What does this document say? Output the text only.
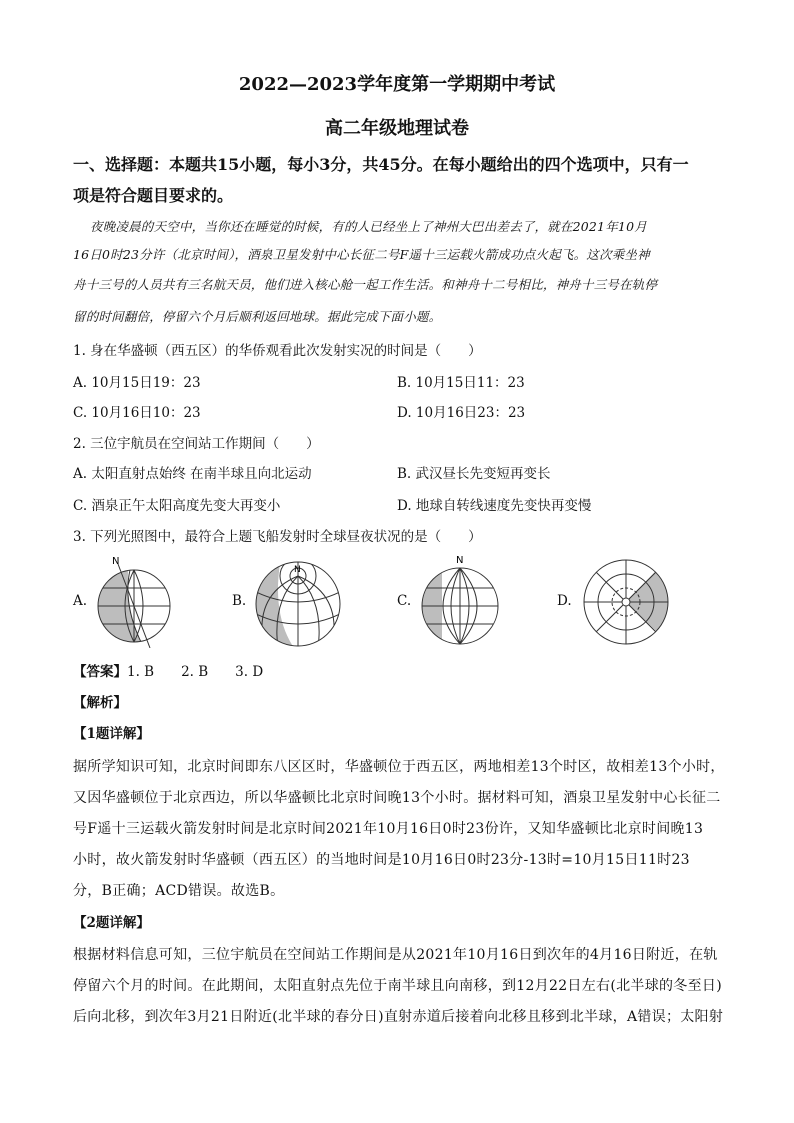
2022—2023学年度第一学期期中考试
高二年级地理试卷
一、选择题：本题共15小题，每小3分，共45分。在每小题给出的四个选项中，只有一
项是符合题目要求的。
夜晚凌晨的天空中，当你还在睡觉的时候，有的人已经坐上了神州大巴出差去了，就在2021年10月
16日0时23分许（北京时间），酒泉卫星发射中心长征二号F遥十三运载火箭成功点火起飞。这次乘坐神
舟十三号的人员共有三名航天员，他们进入核心舱一起工作生活。和神舟十二号相比，神舟十三号在轨停
留的时间翻倍，停留六个月后顺利返回地球。据此完成下面小题。
1. 身在华盛顿（西五区）的华侨观看此次发射实况的时间是（　　）
A. 10月15日19：23	B. 10月15日11：23
C. 10月16日10：23	D. 10月16日23：23
2. 三位宇航员在空间站工作期间（　　）
A. 太阳直射点始终 在南半球且向北运动	B. 武汉昼长先变短再变长
C. 酒泉正午太阳高度先变大再变小	D. 地球自转线速度先变快再变慢
3. 下列光照图中，最符合上题飞船发射时全球昼夜状况的是（　　）
A.	B.	C.	D.
N
N
N
【答案】1. B　　2. B　　3. D
【解析】
【1题详解】
据所学知识可知，北京时间即东八区区时，华盛顿位于西五区，两地相差13个时区，故相差13个小时，
又因华盛顿位于北京西边，所以华盛顿比北京时间晚13个小时。据材料可知，酒泉卫星发射中心长征二
号F遥十三运载火箭发射时间是北京时间2021年10月16日0时23份许，又知华盛顿比北京时间晚13
小时，故火箭发射时华盛顿（西五区）的当地时间是10月16日0时23分-13时=10月15日11时23
分，B正确；ACD错误。故选B。
【2题详解】
根据材料信息可知，三位宇航员在空间站工作期间是从2021年10月16日到次年的4月16日附近，在轨
停留六个月的时间。在此期间，太阳直射点先位于南半球且向南移，到12月22日左右(北半球的冬至日)
后向北移，到次年3月21日附近(北半球的春分日)直射赤道后接着向北移且移到北半球，A错误；太阳射
